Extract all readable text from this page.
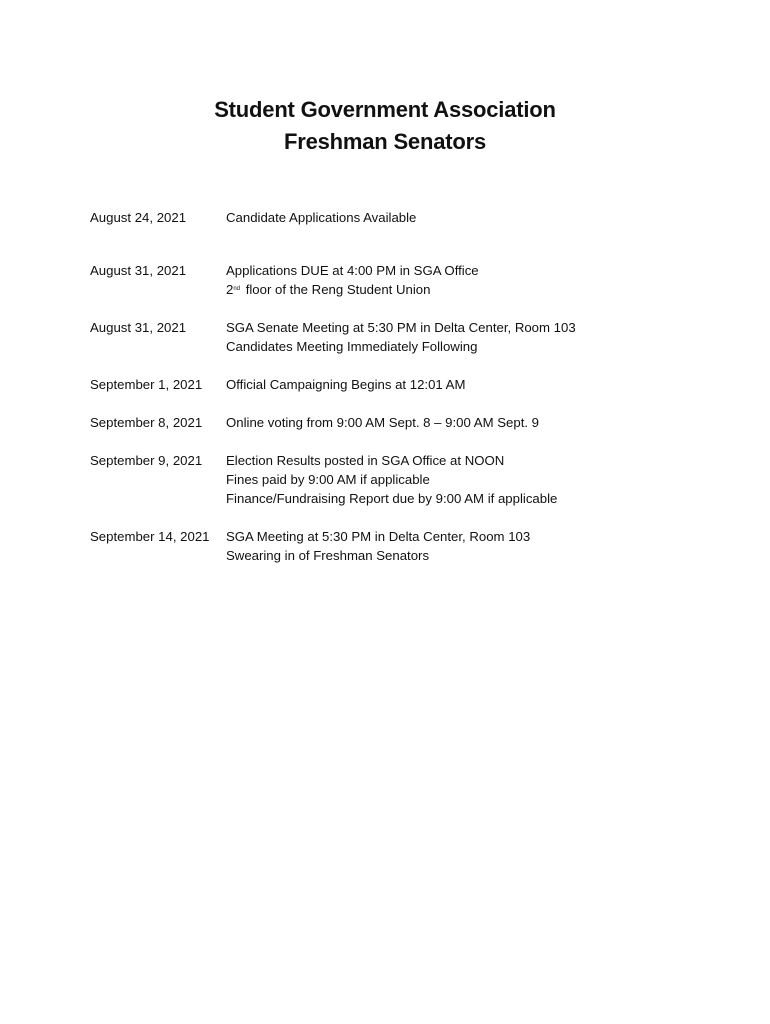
Student Government Association
Freshman Senators
August 24, 2021	Candidate Applications Available
August 31, 2021	Applications DUE at 4:00 PM in SGA Office
2nd floor of the Reng Student Union
August 31, 2021	SGA Senate Meeting at 5:30 PM in Delta Center, Room 103
Candidates Meeting Immediately Following
September 1, 2021 Official Campaigning Begins at 12:01 AM
September 8, 2021 Online voting from 9:00 AM Sept. 8 – 9:00 AM Sept. 9
September 9, 2021 Election Results posted in SGA Office at NOON
Fines paid by 9:00 AM if applicable
Finance/Fundraising Report due by 9:00 AM if applicable
September 14, 2021 SGA Meeting at 5:30 PM in Delta Center, Room 103
Swearing in of Freshman Senators
